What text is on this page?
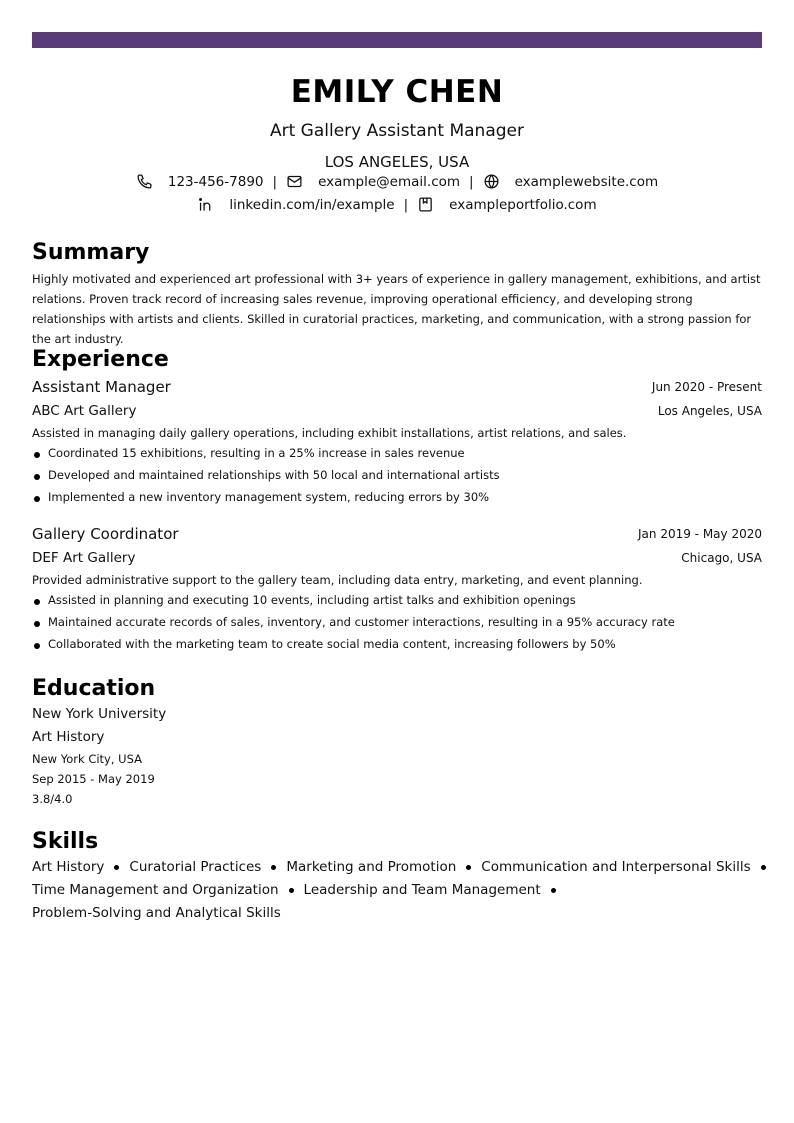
EMILY CHEN
Art Gallery Assistant Manager
LOS ANGELES, USA
123-456-7890 |	example@email.com |	examplewebsite.com
linkedin.com/in/example |	exampleportfolio.com
Summary
Highly motivated and experienced art professional with 3+ years of experience in gallery management, exhibitions, and artist relations. Proven track record of increasing sales revenue, improving operational efficiency, and developing strong relationships with artists and clients. Skilled in curatorial practices, marketing, and communication, with a strong passion for the art industry.
Experience
Assistant Manager	Jun 2020 - Present
ABC Art Gallery	Los Angeles, USA
Assisted in managing daily gallery operations, including exhibit installations, artist relations, and sales.
Coordinated 15 exhibitions, resulting in a 25% increase in sales revenue
Developed and maintained relationships with 50 local and international artists
Implemented a new inventory management system, reducing errors by 30%
Gallery Coordinator	Jan 2019 - May 2020
DEF Art Gallery	Chicago, USA
Provided administrative support to the gallery team, including data entry, marketing, and event planning.
Assisted in planning and executing 10 events, including artist talks and exhibition openings
Maintained accurate records of sales, inventory, and customer interactions, resulting in a 95% accuracy rate
Collaborated with the marketing team to create social media content, increasing followers by 50%
Education
New York University
Art History
New York City, USA
Sep 2015 - May 2019
3.8/4.0
Skills
Art History Curatorial Practices Marketing and Promotion Communication and Interpersonal Skills
Time Management and Organization Leadership and Team Management
Problem-Solving and Analytical Skills
